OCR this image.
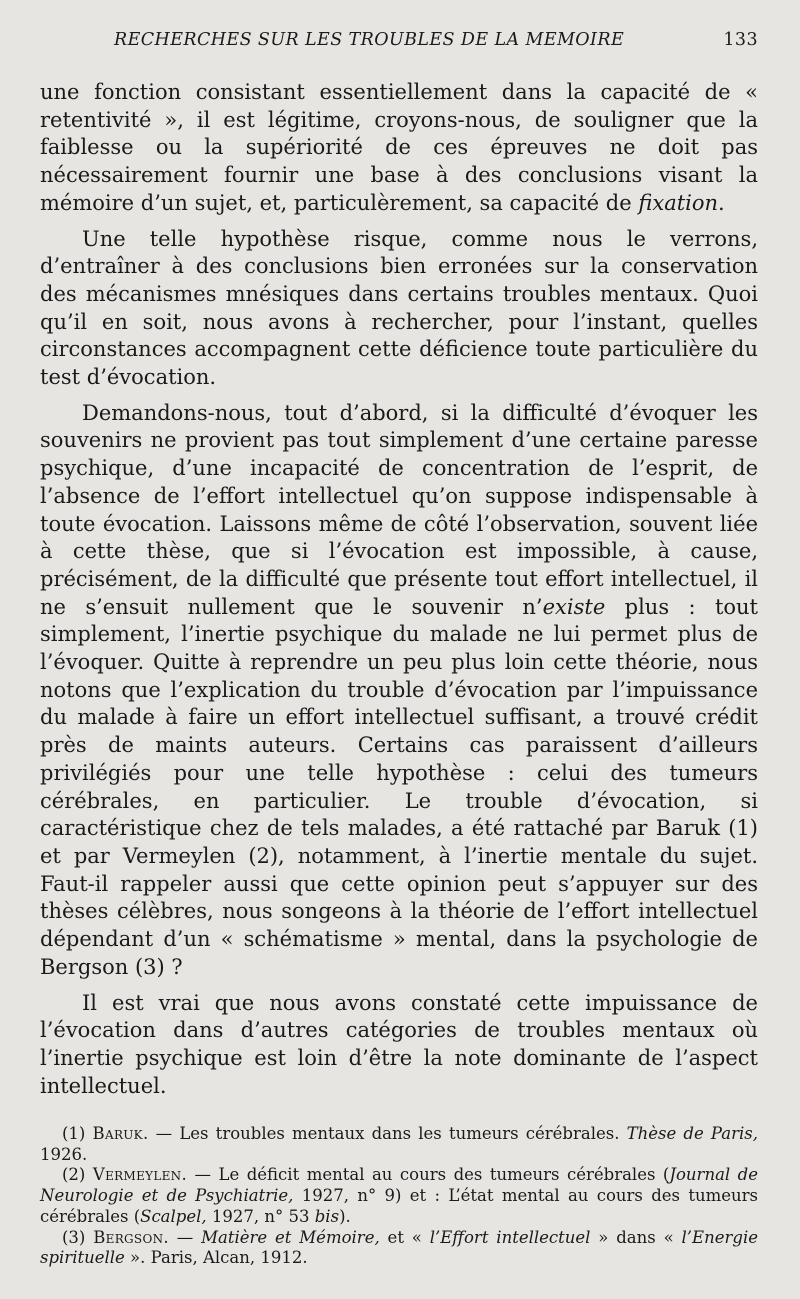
RECHERCHES SUR LES TROUBLES DE LA MEMOIRE	133

une fonction consistant essentiellement dans la capacité de « retentivité », il est légitime, croyons-nous, de souligner que la faiblesse ou la supériorité de ces épreuves ne doit pas nécessairement fournir une base à des conclusions visant la mémoire d’un sujet, et, particulèrement, sa capacité de fixation.

Une telle hypothèse risque, comme nous le verrons, d’entraîner à des conclusions bien erronées sur la conservation des mécanismes mnésiques dans certains troubles mentaux. Quoi qu’il en soit, nous avons à rechercher, pour l’instant, quelles circonstances accompagnent cette déficience toute particulière du test d’évocation.

Demandons-nous, tout d’abord, si la difficulté d’évoquer les souvenirs ne provient pas tout simplement d’une certaine paresse psychique, d’une incapacité de concentration de l’esprit, de l’absence de l’effort intellectuel qu’on suppose indispensable à toute évocation. Laissons même de côté l’observation, souvent liée à cette thèse, que si l’évocation est impossible, à cause, précisément, de la difficulté que présente tout effort intellectuel, il ne s’ensuit nullement que le souvenir n’existe plus : tout simplement, l’inertie psychique du malade ne lui permet plus de l’évoquer. Quitte à reprendre un peu plus loin cette théorie, nous notons que l’explication du trouble d’évocation par l’impuissance du malade à faire un effort intellectuel suffisant, a trouvé crédit près de maints auteurs. Certains cas paraissent d’ailleurs privilégiés pour une telle hypothèse : celui des tumeurs cérébrales, en particulier. Le trouble d’évocation, si caractéristique chez de tels malades, a été rattaché par Baruk (1) et par Vermeylen (2), notamment, à l’inertie mentale du sujet. Faut-il rappeler aussi que cette opinion peut s’appuyer sur des thèses célèbres, nous songeons à la théorie de l’effort intellectuel dépendant d’un « schématisme » mental, dans la psychologie de Bergson (3) ?

Il est vrai que nous avons constaté cette impuissance de l’évocation dans d’autres catégories de troubles mentaux où l’inertie psychique est loin d’être la note dominante de l’aspect intellectuel.

(1) Baruk. — Les troubles mentaux dans les tumeurs cérébrales. Thèse de Paris, 1926.

(2) Vermeylen. — Le déficit mental au cours des tumeurs cérébrales (Journal de Neurologie et de Psychiatrie, 1927, n° 9) et : L’état mental au cours des tumeurs cérébrales (Scalpel, 1927, n° 53 bis).

(3) Bergson. — Matière et Mémoire, et « l’Effort intellectuel » dans « l’Energie spirituelle ». Paris, Alcan, 1912.
